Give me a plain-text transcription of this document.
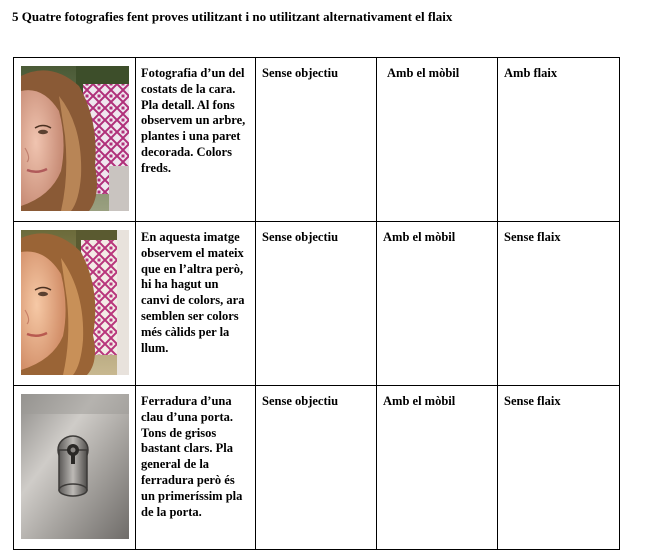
5 Quatre fotografies fent proves utilitzant i no utilitzant alternativament el flaix

Fotografia d’un del costats de la cara. Pla detall. Al fons observem un arbre, plantes i una paret decorada. Colors freds.	Sense objectiu	Amb el mòbil	Amb flaix

En aquesta imatge observem el mateix que en l’altra però, hi ha hagut un canvi de colors, ara semblen ser colors més càlids per la llum.	Sense objectiu	Amb el mòbil	Sense flaix

Ferradura d’una clau d’una porta. Tons de grisos bastant clars. Pla general de la ferradura però és un primeríssim pla de la porta.	Sense objectiu	Amb el mòbil	Sense flaix
